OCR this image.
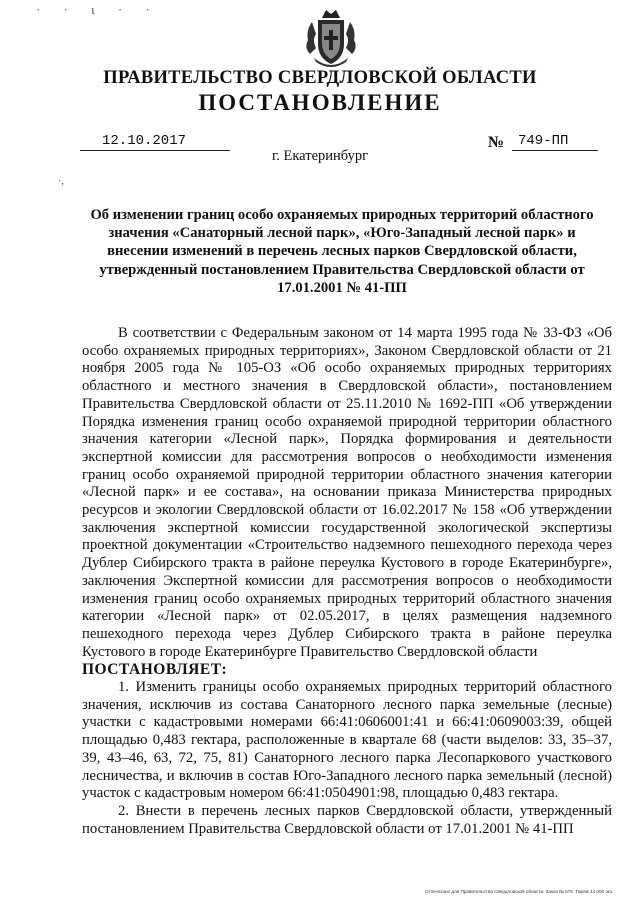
· · ι · ·
ПРАВИТЕЛЬСТВО СВЕРДЛОВСКОЙ ОБЛАСТИ
ПОСТАНОВЛЕНИЕ
12.10.2017	№ 749-ПП
г. Екатеринбург
·,
Об изменении границ особо охраняемых природных территорий областного значения «Санаторный лесной парк», «Юго-Западный лесной парк» и внесении изменений в перечень лесных парков Свердловской области, утвержденный постановлением Правительства Свердловской области от 17.01.2001 № 41-ПП

В соответствии с Федеральным законом от 14 марта 1995 года № 33-ФЗ «Об особо охраняемых природных территориях», Законом Свердловской области от 21 ноября 2005 года № 105-ОЗ «Об особо охраняемых природных территориях областного и местного значения в Свердловской области», постановлением Правительства Свердловской области от 25.11.2010 № 1692-ПП «Об утверждении Порядка изменения границ особо охраняемой природной территории областного значения категории «Лесной парк», Порядка формирования и деятельности экспертной комиссии для рассмотрения вопросов о необходимости изменения границ особо охраняемой природной территории областного значения категории «Лесной парк» и ее состава», на основании приказа Министерства природных ресурсов и экологии Свердловской области от 16.02.2017 № 158 «Об утверждении заключения экспертной комиссии государственной экологической экспертизы проектной документации «Строительство надземного пешеходного перехода через Дублер Сибирского тракта в районе переулка Кустового в городе Екатеринбурге», заключения Экспертной комиссии для рассмотрения вопросов о необходимости изменения границ особо охраняемых природных территорий областного значения категории «Лесной парк» от 02.05.2017, в целях размещения надземного пешеходного перехода через Дублер Сибирского тракта в районе переулка Кустового в городе Екатеринбурге Правительство Свердловской области

ПОСТАНОВЛЯЕТ:

1. Изменить границы особо охраняемых природных территорий областного значения, исключив из состава Санаторного лесного парка земельные (лесные) участки с кадастровыми номерами 66:41:0606001:41 и 66:41:0609003:39, общей площадью 0,483 гектара, расположенные в квартале 68 (части выделов: 33, 35–37, 39, 43–46, 63, 72, 75, 81) Санаторного лесного парка Лесопаркового участкового лесничества, и включив в состав Юго-Западного лесного парка земельный (лесной) участок с кадастровым номером 66:41:0504901:98, площадью 0,483 гектара.

2. Внести в перечень лесных парков Свердловской области, утвержденный постановлением Правительства Свердловской области от 17.01.2001 № 41-ПП

Отпечатано для Правительства Свердловской области. Заказ № 575. Тираж 14 000 экз.
